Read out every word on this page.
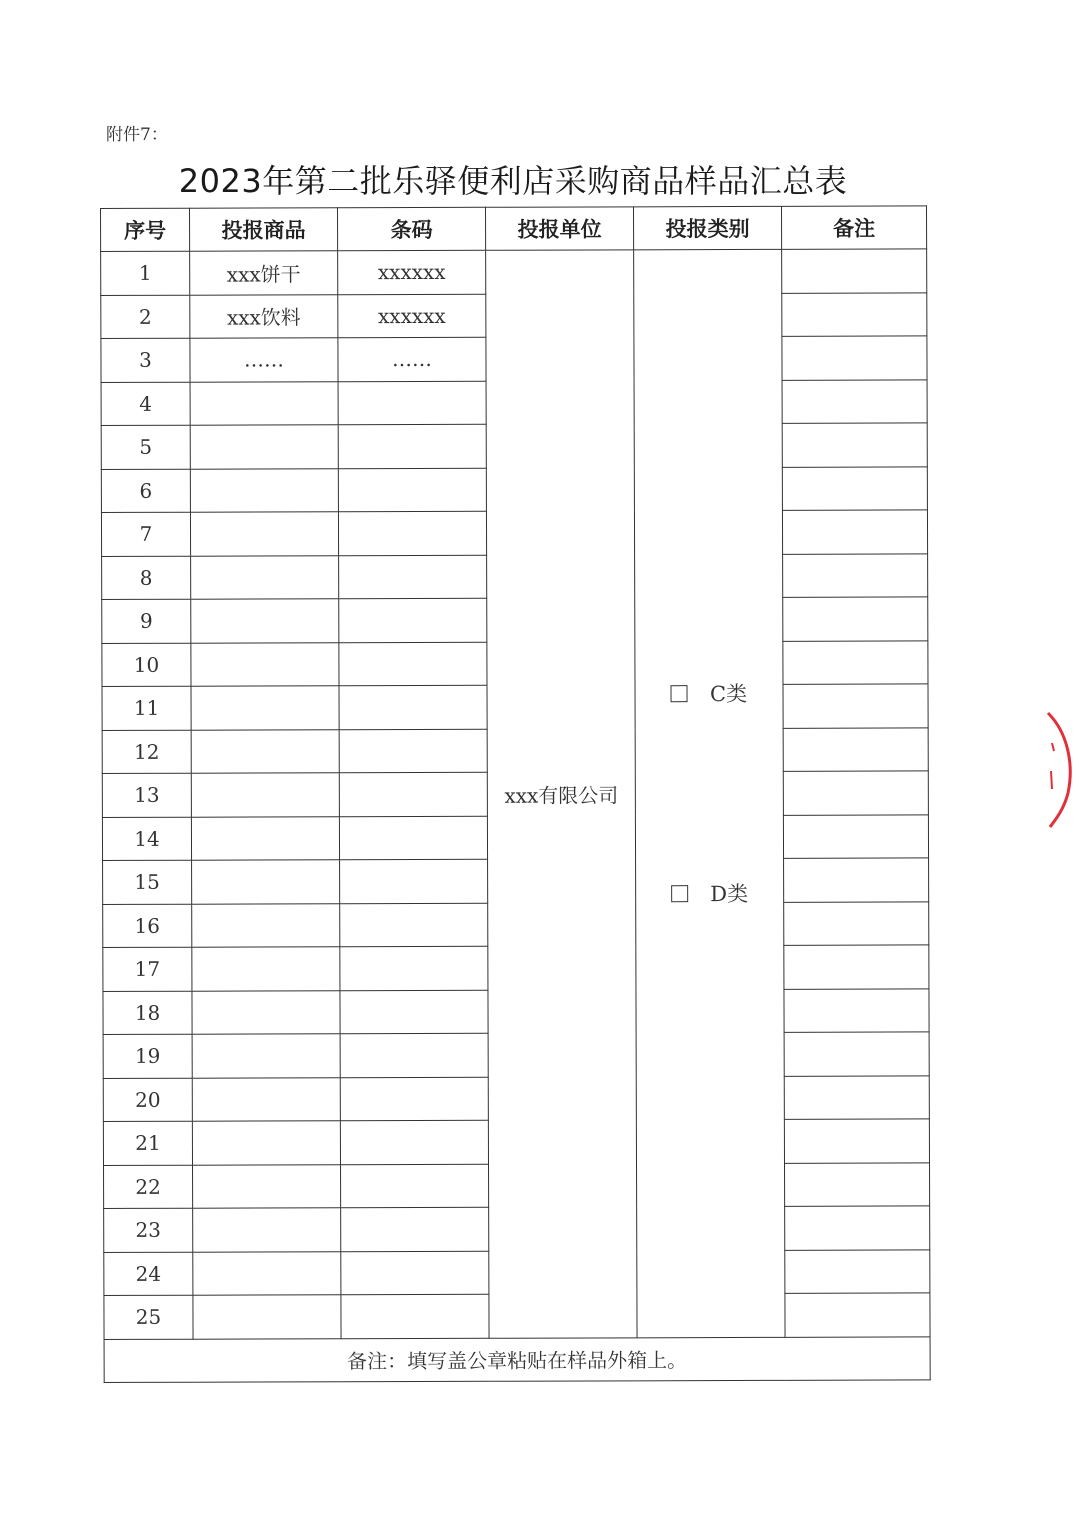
附件7：
2023年第二批乐驿便利店采购商品样品汇总表
序号	投报商品	条码	投报单位	投报类别	备注
1	xxx饼干	xxxxxx	xxx有限公司	C类
D类	

2	xxx饮料	xxxxxx			
3	……	……			
4					
5					
6					
7					
8					
9					
10					
11					
12					
13					
14					
15					
16					
17					
18					
19					
20					
21					
22					
23					
24					
25					
备注：填写盖公章粘贴在样品外箱上。					
